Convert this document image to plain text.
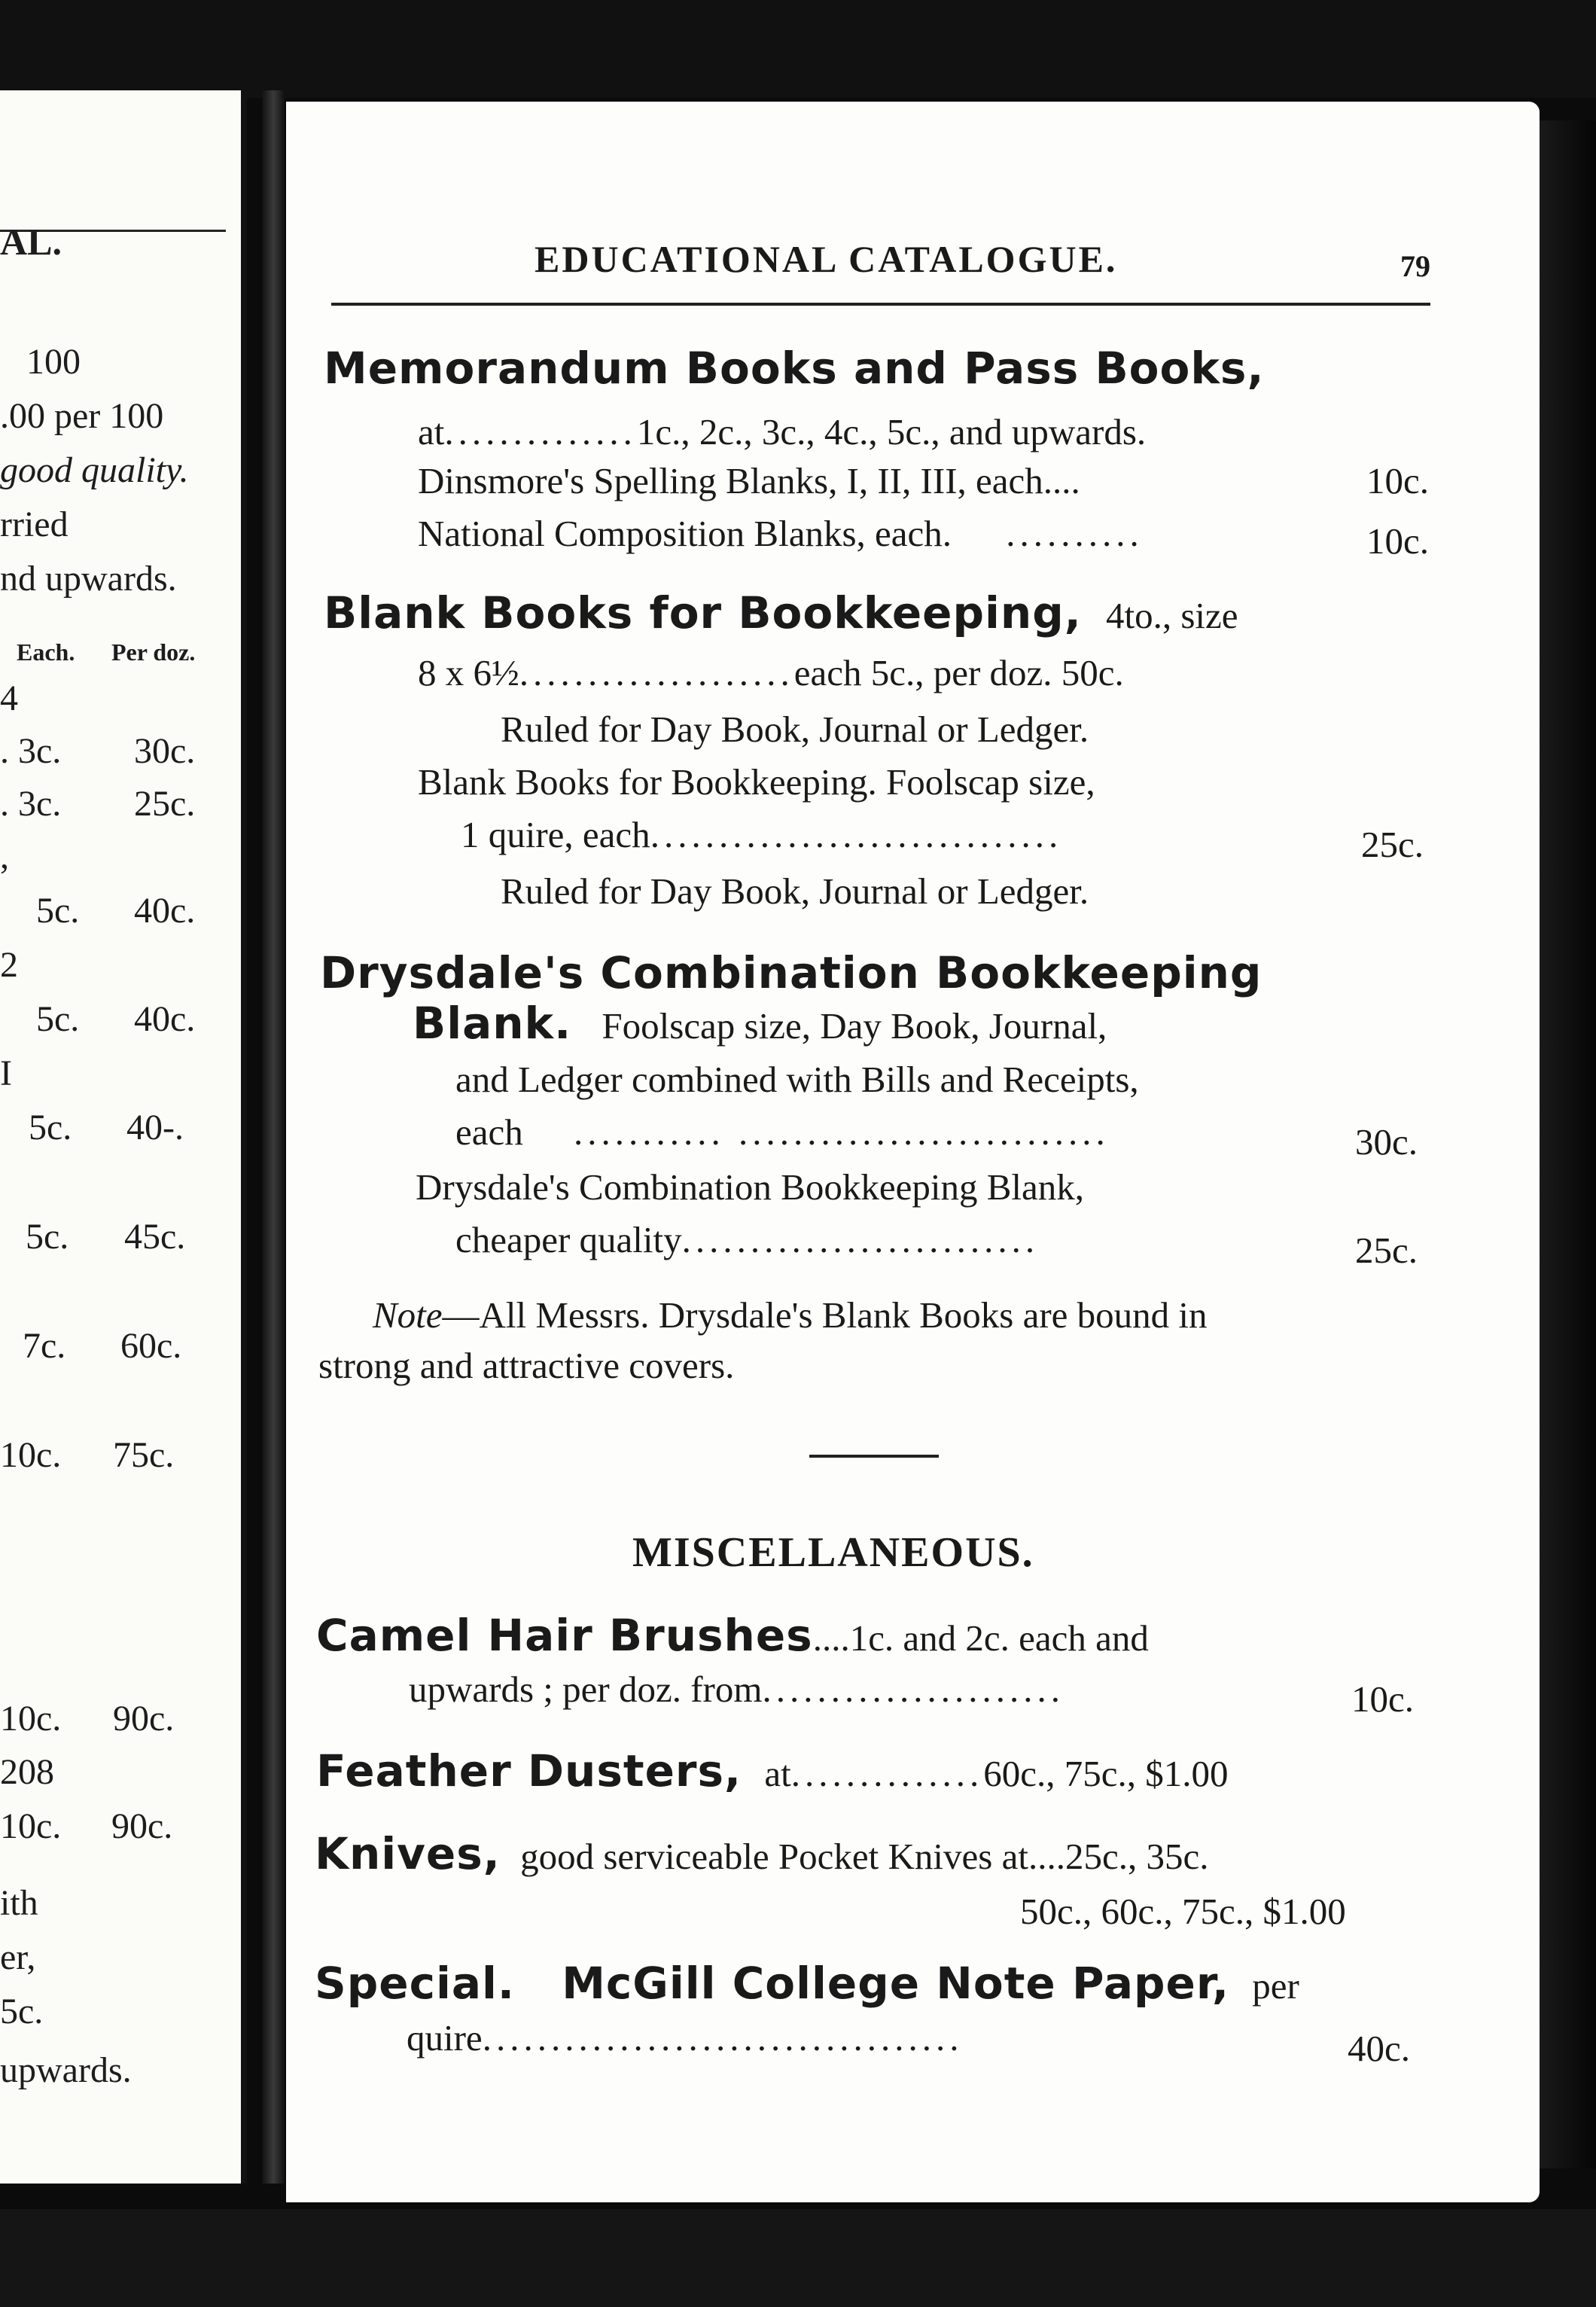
AL.
100
.00 per 100
good quality.
rried
nd upwards.
Each. Per doz.
4
. 3c. 30c.
. 3c. 25c.
,
5c. 40c.
2
5c. 40c.
I
5c. 40-.
5c. 45c.
7c. 60c.
10c. 75c.
10c. 90c.
208
10c. 90c.
ith
er,
5c.
upwards.
EDUCATIONAL CATALOGUE.	79
Memorandum Books and Pass Books,
at..............1c., 2c., 3c., 4c., 5c., and upwards.
Dinsmore's Spelling Blanks, I, II, III, each....	10c.
National Composition Blanks, each. ..........	10c.
Blank Books for Bookkeeping, 4to., size
8 x 6½....................each 5c., per doz. 50c.
Ruled for Day Book, Journal or Ledger.
Blank Books for Bookkeeping. Foolscap size,
1 quire, each..............................	25c.
Ruled for Day Book, Journal or Ledger.
Drysdale's Combination Bookkeeping
Blank. Foolscap size, Day Book, Journal,
and Ledger combined with Bills and Receipts,
each ........... ...........................	30c.
Drysdale's Combination Bookkeeping Blank,
cheaper quality..........................	25c.
Note—All Messrs. Drysdale's Blank Books are bound in
strong and attractive covers.
MISCELLANEOUS.
Camel Hair Brushes....1c. and 2c. each and
upwards ; per doz. from......................	10c.
Feather Dusters, at..............60c., 75c., $1.00
Knives, good serviceable Pocket Knives at....25c., 35c.
50c., 60c., 75c., $1.00
Special. McGill College Note Paper, per
quire...................................	40c.
